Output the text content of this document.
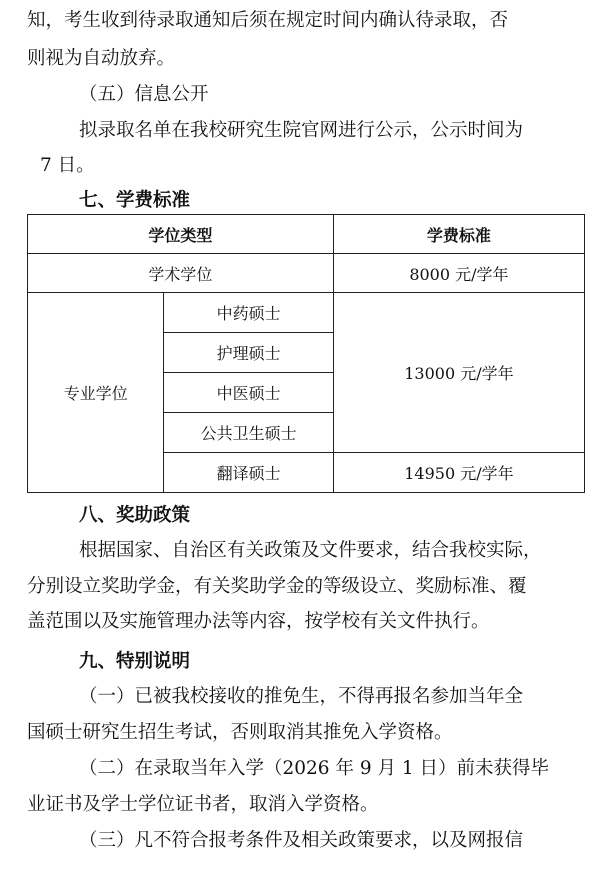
知，考生收到待录取通知后须在规定时间内确认待录取，否
则视为自动放弃。
（五）信息公开
拟录取名单在我校研究生院官网进行公示，公示时间为
7 日。
七、学费标准
学位类型		学费标准
学术学位		8000 元/学年
专业学位	中药硕士	13000 元/学年
	护理硕士	
	中医硕士	
	公共卫生硕士	
	翻译硕士	14950 元/学年
八、奖助政策
根据国家、自治区有关政策及文件要求，结合我校实际，
分别设立奖助学金，有关奖助学金的等级设立、奖励标准、覆
盖范围以及实施管理办法等内容，按学校有关文件执行。
九、特别说明
（一）已被我校接收的推免生，不得再报名参加当年全
国硕士研究生招生考试，否则取消其推免入学资格。
（二）在录取当年入学（2026 年 9 月 1 日）前未获得毕
业证书及学士学位证书者，取消入学资格。
（三）凡不符合报考条件及相关政策要求，以及网报信
